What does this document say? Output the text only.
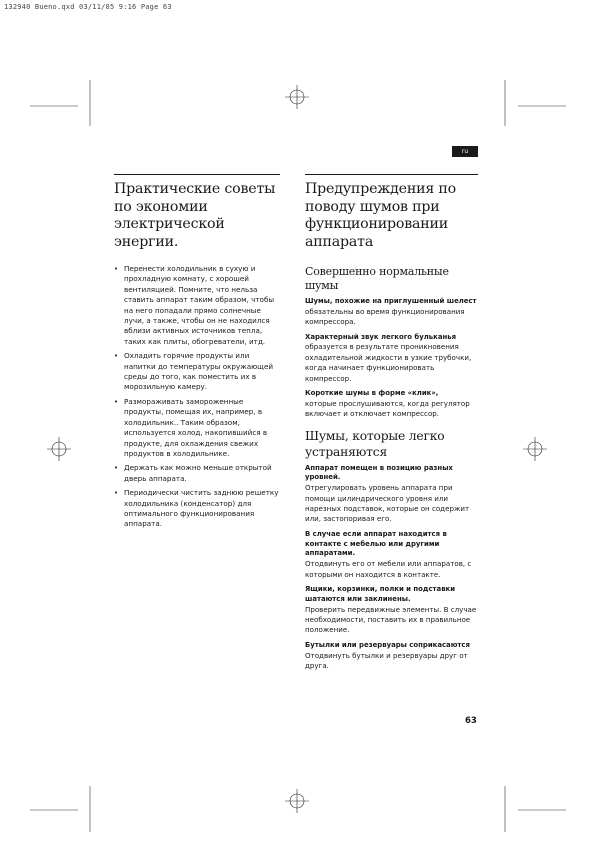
132940 Bueno.qxd 03/11/05 9:16 Page 63
ru
Практические советы по экономии электрической энергии.
• Перенести холодильник в сухую и прохладную комнату, с хорошей вентиляцией. Помните, что нельза ставить аппарат таким образом, чтобы на него попадали прямо солнечные лучи, а также, чтобы он не находился вблизи активных источников тепла, таких как плиты, обогреватели, итд.
• Охладить горячие продукты или напитки до температуры окружающей среды до того, как поместить их в морозильную камеру.
• Размораживать замороженные продукты, помещая их, например, в холодильник.. Таким образом, используется холод, накопившийся в продукте, для охлаждения свежих продуктов в холодильнике.
• Держать как можно меньше открытой дверь аппарата.
• Периодически чистить заднюю решетку холодильника (конденсатор) для оптимального функционирования аппарата.
Предупреждения по поводу шумов при функционировании аппарата
Совершенно нормальные шумы
Шумы, похожие на приглушенный шелест
обязательны во время функционирования компрессора.
Характерный звук легкого бульканья
образуется в результате проникновения охладительной жидкости в узкие трубочки, когда начинает функционировать компрессор.
Короткие шумы в форме «клик»,
которые прослушиваются, когда регулятор включает и отключает компрессор.
Шумы, которые легко устраняются
Аппарат помещен в позицию разных уровней.
Отрегулировать уровень аппарата при помощи цилиндрического уровня или нарезных подставок, которые он содержит или, застопоривая его.
В случае если аппарат находится в контакте с мебелью или другими аппаратами.
Отодвинуть его от мебели или аппаратов, с которыми он находится в контакте.
Ящики, корзинки, полки и подставки шатаются или заклинены.
Проверить передвижные элементы. В случае необходимости, поставить их в правильное положение.
Бутылки или резервуары соприкасаются
Отодвинуть бутылки и резервуары друг от друга.
63
